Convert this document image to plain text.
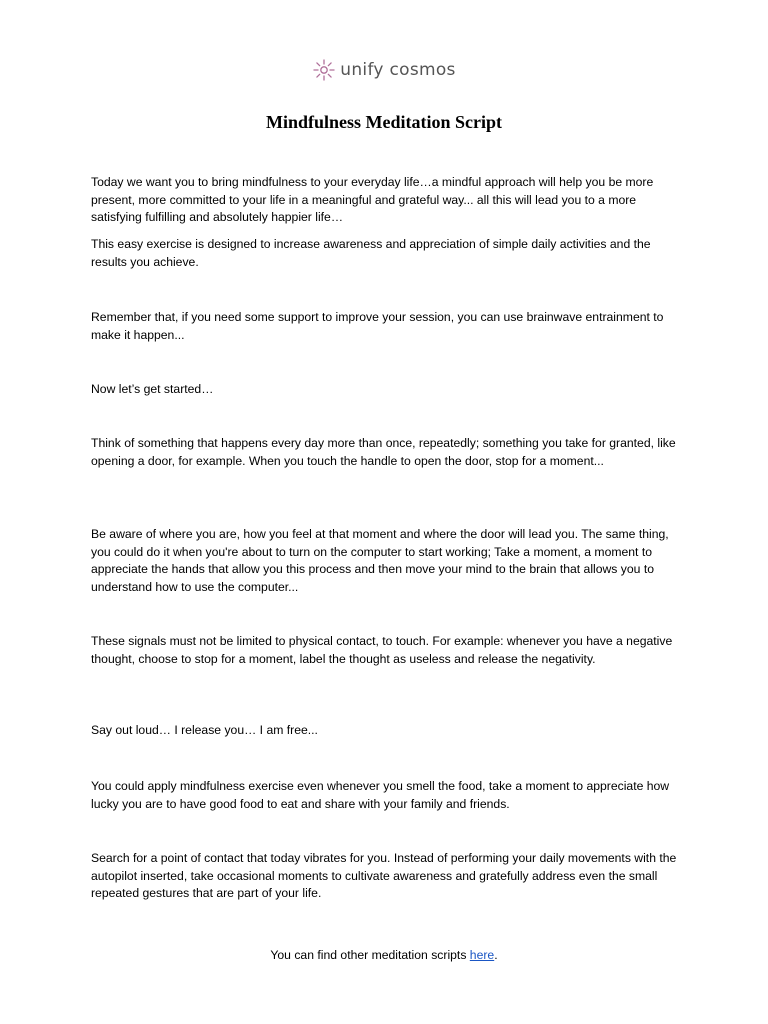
unify cosmos
Mindfulness Meditation Script

Today we want you to bring mindfulness to your everyday life…a mindful approach will help you be more present, more committed to your life in a meaningful and grateful way... all this will lead you to a more satisfying fulfilling and absolutely happier life…

This easy exercise is designed to increase awareness and appreciation of simple daily activities and the results you achieve.

Remember that, if you need some support to improve your session, you can use brainwave entrainment to make it happen...

Now let’s get started…

Think of something that happens every day more than once, repeatedly; something you take for granted, like opening a door, for example. When you touch the handle to open the door, stop for a moment...

Be aware of where you are, how you feel at that moment and where the door will lead you. The same thing, you could do it when you're about to turn on the computer to start working; Take a moment, a moment to appreciate the hands that allow you this process and then move your mind to the brain that allows you to understand how to use the computer...

These signals must not be limited to physical contact, to touch. For example: whenever you have a negative thought, choose to stop for a moment, label the thought as useless and release the negativity.

Say out loud… I release you… I am free...

You could apply mindfulness exercise even whenever you smell the food, take a moment to appreciate how lucky you are to have good food to eat and share with your family and friends.

Search for a point of contact that today vibrates for you. Instead of performing your daily movements with the autopilot inserted, take occasional moments to cultivate awareness and gratefully address even the small repeated gestures that are part of your life.

You can find other meditation scripts here.
